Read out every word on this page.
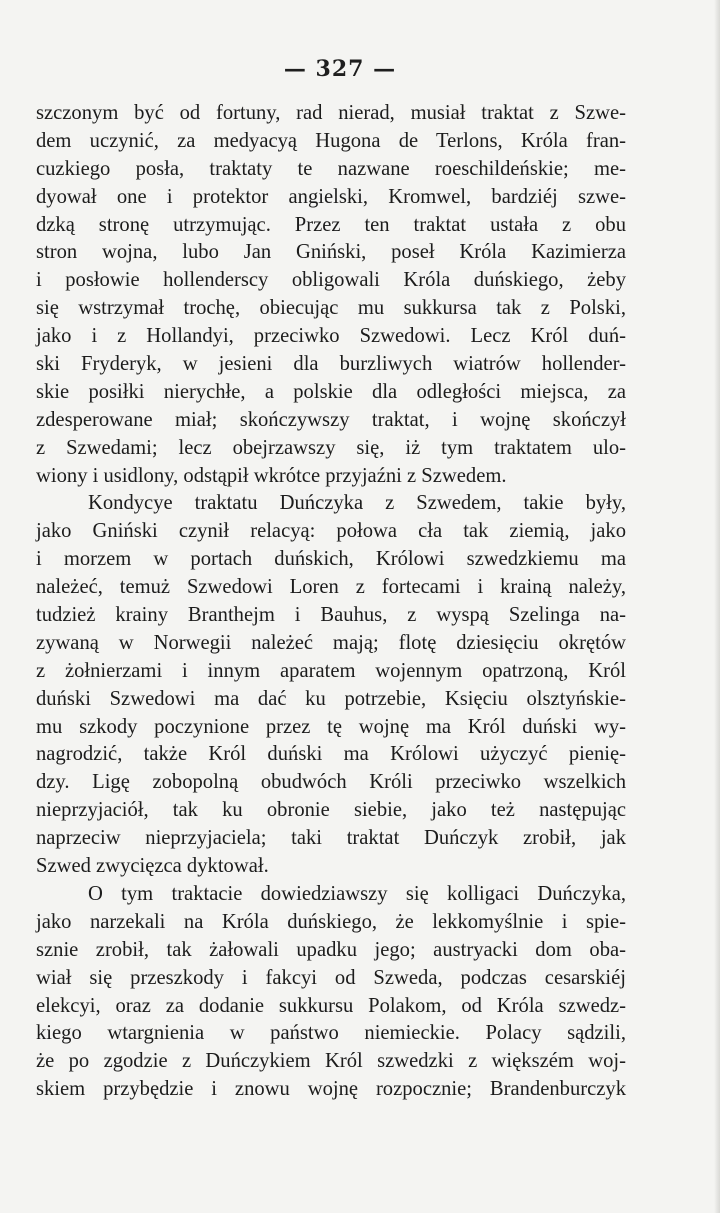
— 327 —
szczonym być od fortuny, rad nierad, musiał traktat z Szwe-
dem uczynić, za medyacyą Hugona de Terlons, Króla fran-
cuzkiego posła, traktaty te nazwane roeschildeńskie; me-
dyował one i protektor angielski, Kromwel, bardziéj szwe-
dzką stronę utrzymując. Przez ten traktat ustała z obu
stron wojna, lubo Jan Gniński, poseł Króla Kazimierza
i posłowie hollenderscy obligowali Króla duńskiego, żeby
się wstrzymał trochę, obiecując mu sukkursa tak z Polski,
jako i z Hollandyi, przeciwko Szwedowi. Lecz Król duń-
ski Fryderyk, w jesieni dla burzliwych wiatrów hollender-
skie posiłki nierychłe, a polskie dla odległości miejsca, za
zdesperowane miał; skończywszy traktat, i wojnę skończył
z Szwedami; lecz obejrzawszy się, iż tym traktatem ulo-
wiony i usidlony, odstąpił wkrótce przyjaźni z Szwedem.
Kondycye traktatu Duńczyka z Szwedem, takie były,
jako Gniński czynił relacyą: połowa cła tak ziemią, jako
i morzem w portach duńskich, Królowi szwedzkiemu ma
należeć, temuż Szwedowi Loren z fortecami i krainą należy,
tudzież krainy Branthejm i Bauhus, z wyspą Szelinga na-
zywaną w Norwegii należeć mają; flotę dziesięciu okrętów
z żołnierzami i innym aparatem wojennym opatrzoną, Król
duński Szwedowi ma dać ku potrzebie, Księciu olsztyńskie-
mu szkody poczynione przez tę wojnę ma Król duński wy-
nagrodzić, także Król duński ma Królowi użyczyć pienię-
dzy. Ligę zobopolną obudwóch Króli przeciwko wszelkich
nieprzyjaciół, tak ku obronie siebie, jako też następując
naprzeciw nieprzyjaciela; taki traktat Duńczyk zrobił, jak
Szwed zwycięzca dyktował.
O tym traktacie dowiedziawszy się kolligaci Duńczyka,
jako narzekali na Króla duńskiego, że lekkomyślnie i spie-
sznie zrobił, tak żałowali upadku jego; austryacki dom oba-
wiał się przeszkody i fakcyi od Szweda, podczas cesarskiéj
elekcyi, oraz za dodanie sukkursu Polakom, od Króla szwedz-
kiego wtargnienia w państwo niemieckie. Polacy sądzili,
że po zgodzie z Duńczykiem Król szwedzki z większém woj-
skiem przybędzie i znowu wojnę rozpocznie; Brandenburczyk
